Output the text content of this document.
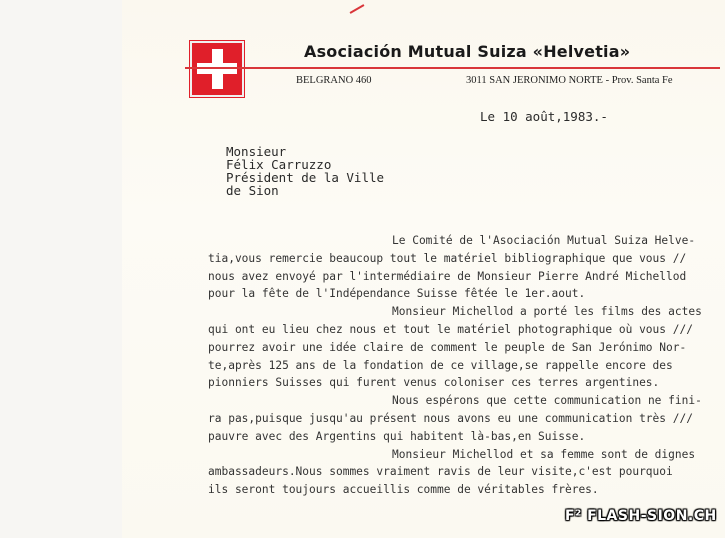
Asociación Mutual Suiza «Helvetia»
BELGRANO 460	3011 SAN JERONIMO NORTE - Prov. Santa Fe
Le 10 août,1983.-
Monsieur
Félix Carruzzo
Président de la Ville
de Sion
Le Comité de l'Asociación Mutual Suiza Helve-
tia,vous remercie beaucoup tout le matériel bibliographique que vous //
nous avez envoyé par l'intermédiaire de Monsieur Pierre André Michellod
pour la fête de l'Indépendance Suisse fêtée le 1er.aout.
Monsieur Michellod a porté les films des actes
qui ont eu lieu chez nous et tout le matériel photographique où vous ///
pourrez avoir une idée claire de comment le peuple de San Jerónimo Nor-
te,après 125 ans de la fondation de ce village,se rappelle encore des
pionniers Suisses qui furent venus coloniser ces terres argentines.
Nous espérons que cette communication ne fini-
ra pas,puisque jusqu'au présent nous avons eu une communication très ///
pauvre avec des Argentins qui habitent là-bas,en Suisse.
Monsieur Michellod et sa femme sont de dignes
ambassadeurs.Nous sommes vraiment ravis de leur visite,c'est pourquoi
ils seront toujours accueillis comme de véritables frères.
F² FLASH-SION.CH
